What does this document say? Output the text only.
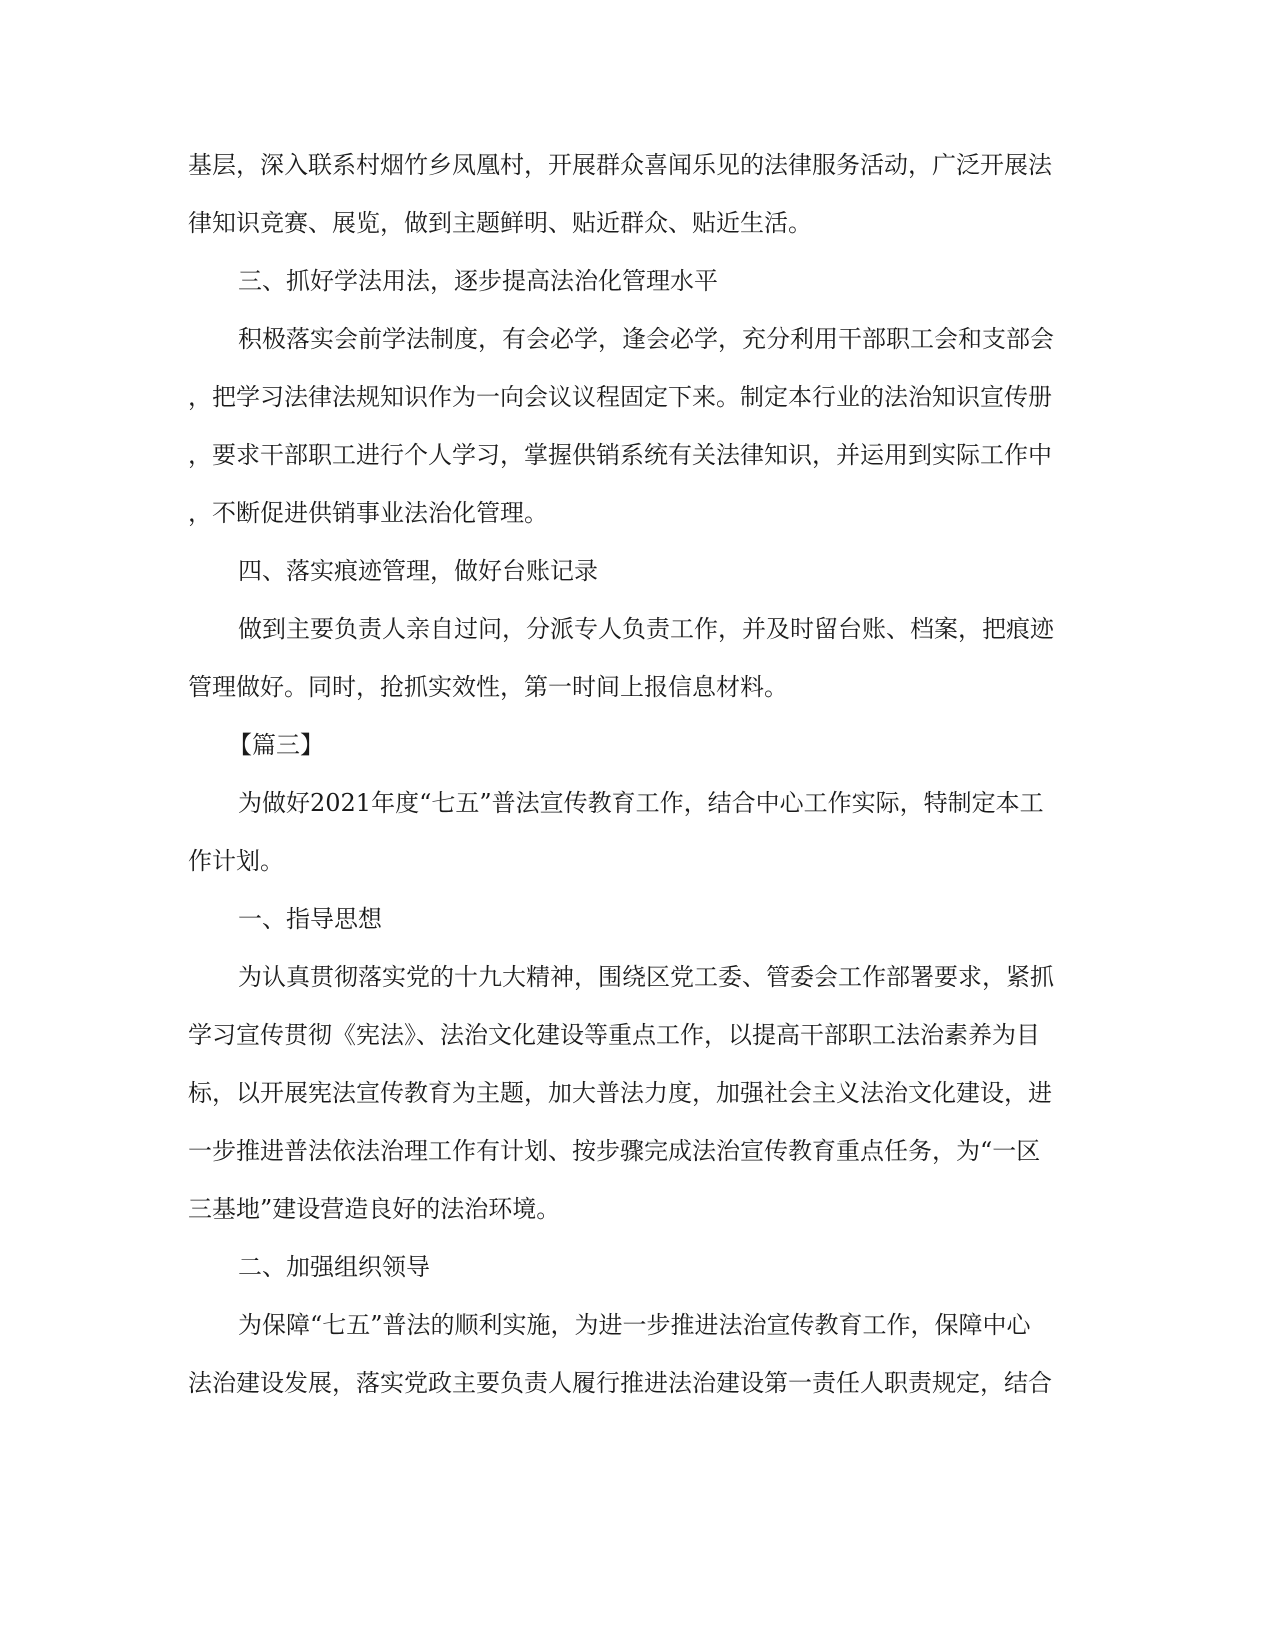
基层，深入联系村烟竹乡凤凰村，开展群众喜闻乐见的法律服务活动，广泛开展法
律知识竞赛、展览，做到主题鲜明、贴近群众、贴近生活。
三、抓好学法用法，逐步提高法治化管理水平
积极落实会前学法制度，有会必学，逢会必学，充分利用干部职工会和支部会
，把学习法律法规知识作为一向会议议程固定下来。制定本行业的法治知识宣传册
，要求干部职工进行个人学习，掌握供销系统有关法律知识，并运用到实际工作中
，不断促进供销事业法治化管理。
四、落实痕迹管理，做好台账记录
做到主要负责人亲自过问，分派专人负责工作，并及时留台账、档案，把痕迹
管理做好。同时，抢抓实效性，第一时间上报信息材料。
【篇三】
为做好2021年度“七五”普法宣传教育工作，结合中心工作实际，特制定本工
作计划。
一、指导思想
为认真贯彻落实党的十九大精神，围绕区党工委、管委会工作部署要求，紧抓
学习宣传贯彻《宪法》、法治文化建设等重点工作，以提高干部职工法治素养为目
标，以开展宪法宣传教育为主题，加大普法力度，加强社会主义法治文化建设，进
一步推进普法依法治理工作有计划、按步骤完成法治宣传教育重点任务，为“一区
三基地”建设营造良好的法治环境。
二、加强组织领导
为保障“七五”普法的顺利实施，为进一步推进法治宣传教育工作，保障中心
法治建设发展，落实党政主要负责人履行推进法治建设第一责任人职责规定，结合
